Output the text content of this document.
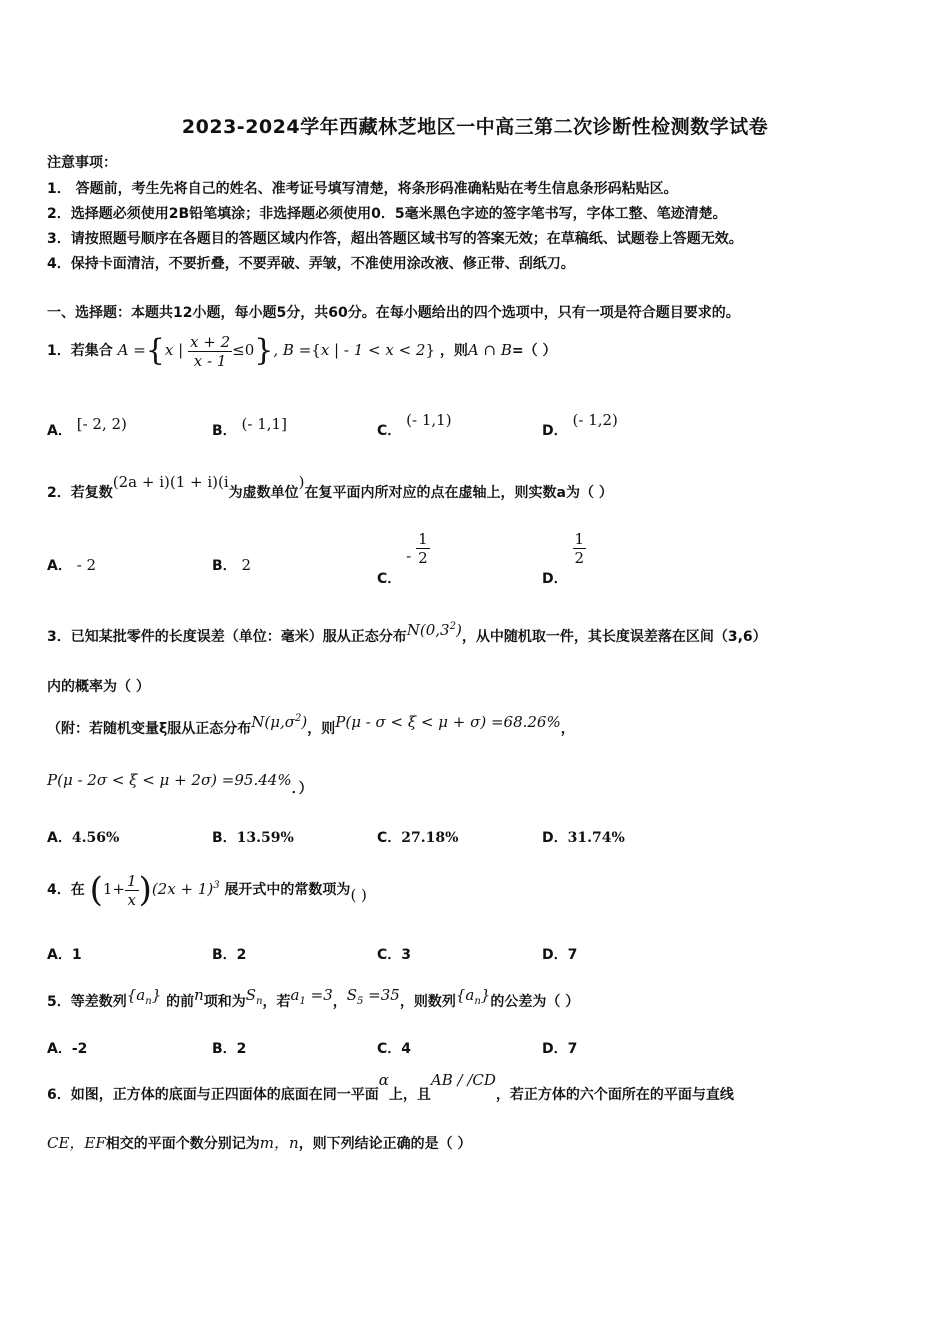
2023-2024学年西藏林芝地区一中高三第二次诊断性检测数学试卷
注意事项：
1． 答题前，考生先将自己的姓名、准考证号填写清楚，将条形码准确粘贴在考生信息条形码粘贴区。
2．选择题必须使用2B铅笔填涂；非选择题必须使用0．5毫米黑色字迹的签字笔书写，字体工整、笔迹清楚。
3．请按照题号顺序在各题目的答题区域内作答，超出答题区域书写的答案无效；在草稿纸、试题卷上答题无效。
4．保持卡面清洁，不要折叠，不要弄破、弄皱，不准使用涂改液、修正带、刮纸刀。
一、选择题：本题共12小题，每小题5分，共60分。在每小题给出的四个选项中，只有一项是符合题目要求的。
1．若集合 A ={x | $\frac{x + 2}{x - 1} \le 0$}, B ={x | - 1 < x < 2} ，则A ∩ B=（ ）
A． [- 2, 2)	B． (- 1,1]	C． (- 1,1)
D． (- 1,2)
2．若复数(2a + i)(1 + i)(i为虚数单位)在复平面内所对应的点在虚轴上，则实数a为（ ）
A． - 2	B． 2
C． - $\frac{1}{2}$
D．
$\frac{1}{2}$
3．已知某批零件的长度误差（单位：毫米）服从正态分布$N(0,3^2)$，从中随机取一件，其长度误差落在区间（3,6）
内的概率为（ ）
（附：若随机变量ξ服从正态分布$N(\mu,\sigma^2)$，则P(μ - σ < ξ < μ + σ) =68.26%，
P(μ - 2σ < ξ < μ + 2σ) =95.44%．）
A．4.56%	B．13.59%	C．27.18%	D．31.74%
4．在 $(1+ \frac{1}{x} )(2x + 1)^3$ 展开式中的常数项为( )
A．1	B．2	C．3	D．7
5．等差数列$\{a_n\}$ 的前n项和为$S_n$，若$a_1 =3$，$S_5 =35$，则数列$\{a_n\}$的公差为（ ）
A．-2	B．2	C．4	D．7
6．如图，正方体的底面与正四面体的底面在同一平面α上，且AB / /CD，若正方体的六个面所在的平面与直线
CE，EF相交的平面个数分别记为m，n，则下列结论正确的是（ ）
